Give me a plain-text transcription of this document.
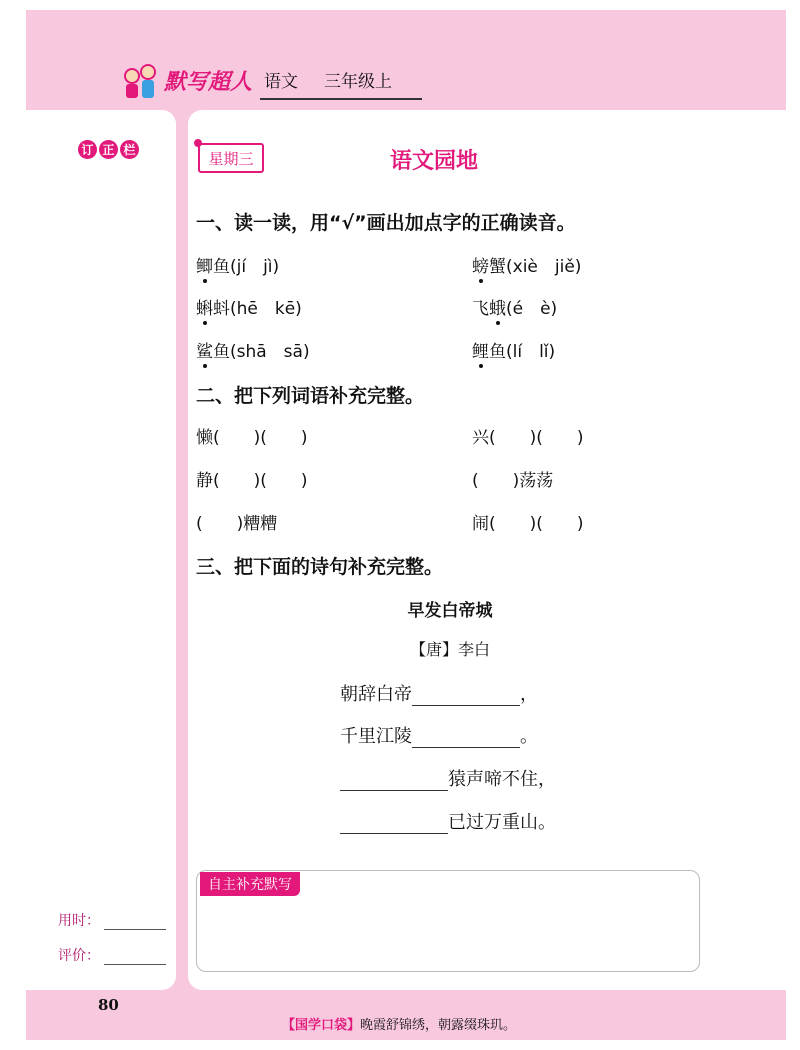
默写超人 语文 三年级上
订 正 栏
用时：
评价：
星期三	语文园地
一、读一读，用“√”画出加点字的正确读音。
鲫鱼(jí　jì)	螃蟹(xiè　jiě)
蝌蚪(hē　kē)	飞蛾(é　è)
鲨鱼(shā　sā)	鲤鱼(lí　lǐ)
二、把下列词语补充完整。
懒(　　)(　　)	兴(　　)(　　)
静(　　)(　　)	(　　)荡荡
(　　)糟糟	闹(　　)(　　)
三、把下面的诗句补充完整。
早发白帝城
【唐】李白
朝辞白帝	，
千里江陵	。
猿声啼不住，
已过万重山。
自主补充默写
80
【国学口袋】晚霞舒锦绣，朝露缀珠玑。
